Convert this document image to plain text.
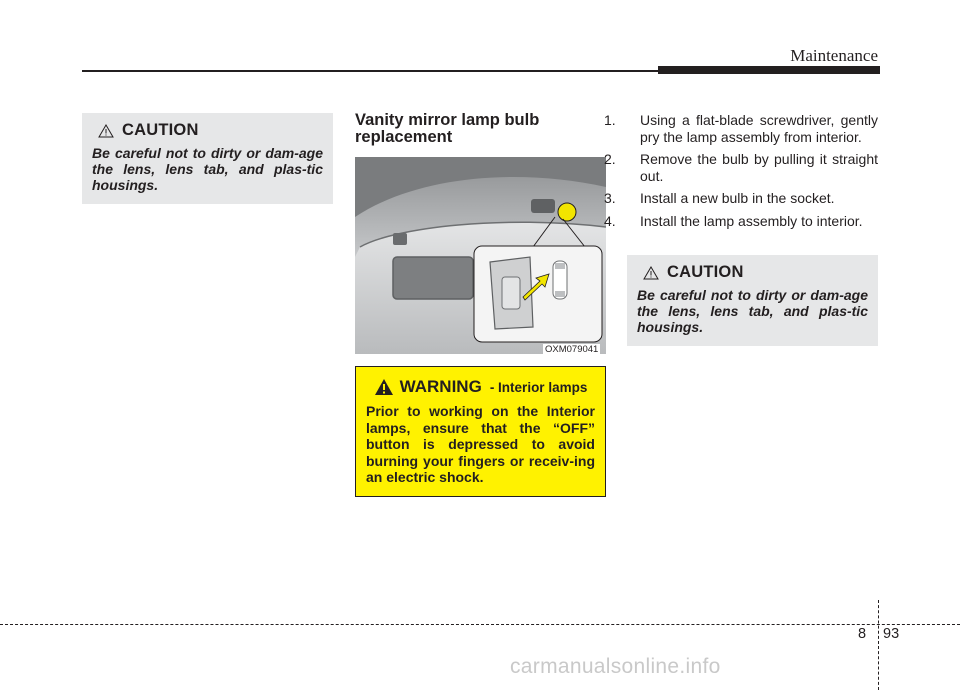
Maintenance
CAUTION
Be careful not to dirty or dam-age the lens, lens tab, and plas-tic housings.
Vanity mirror lamp bulb replacement
OXM079041
WARNING - Interior lamps
Prior to working on the Interior lamps, ensure that the “OFF” button is depressed to avoid burning your fingers or receiv-ing an electric shock.
1. Using a flat-blade screwdriver, gently pry the lamp assembly from interior.
2. Remove the bulb by pulling it straight out.
3. Install a new bulb in the socket.
4. Install the lamp assembly to interior.
CAUTION
Be careful not to dirty or dam-age the lens, lens tab, and plas-tic housings.
8 93
carmanualsonline.info
